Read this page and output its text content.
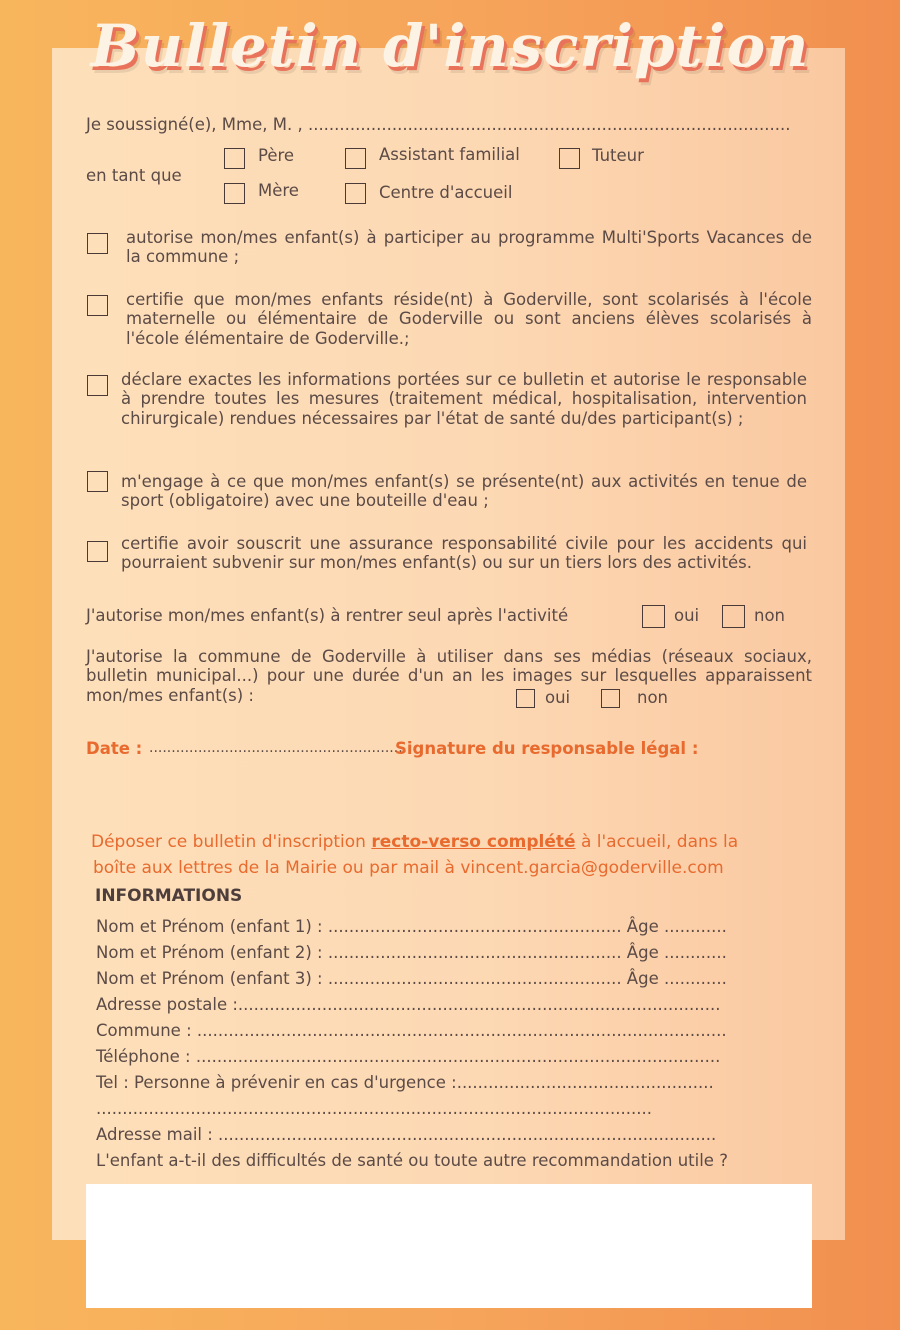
Bulletin d'inscription
Je soussigné(e), Mme, M. , ............................................................................................
en tant que
Père	Assistant familial	Tuteur
Mère	Centre d'accueil
autorise mon/mes enfant(s) à participer au programme Multi'Sports Vacances de la commune ;
certifie que mon/mes enfants réside(nt) à Goderville, sont scolarisés à l'école maternelle ou élémentaire de Goderville ou sont anciens élèves scolarisés à l'école élémentaire de Goderville.;
déclare exactes les informations portées sur ce bulletin et autorise le responsable à prendre toutes les mesures (traitement médical, hospitalisation, intervention chirurgicale) rendues nécessaires par l'état de santé du/des participant(s) ;
m'engage à ce que mon/mes enfant(s) se présente(nt) aux activités en tenue de sport (obligatoire) avec une bouteille d'eau ;
certifie avoir souscrit une assurance responsabilité civile pour les accidents qui pourraient subvenir sur mon/mes enfant(s) ou sur un tiers lors des activités.
J'autorise mon/mes enfant(s) à rentrer seul après l'activité	oui	non
J'autorise la commune de Goderville à utiliser dans ses médias (réseaux sociaux, bulletin municipal...) pour une durée d'un an les images sur lesquelles apparaissent mon/mes enfant(s) :	oui	non
Date : ...........................................................
Signature du responsable légal :
Déposer ce bulletin d'inscription recto-verso complété à l'accueil, dans la
boîte aux lettres de la Mairie ou par mail à vincent.garcia@goderville.com
INFORMATIONS
Nom et Prénom (enfant 1) : ........................................................ Âge ............
Nom et Prénom (enfant 2) : ........................................................ Âge ............
Nom et Prénom (enfant 3) : ........................................................ Âge ............
Adresse postale :............................................................................................
Commune : .....................................................................................................
Téléphone : ....................................................................................................
Tel : Personne à prévenir en cas d'urgence :.................................................
..........................................................................................................
Adresse mail : ...............................................................................................
L'enfant a-t-il des difficultés de santé ou toute autre recommandation utile ?
